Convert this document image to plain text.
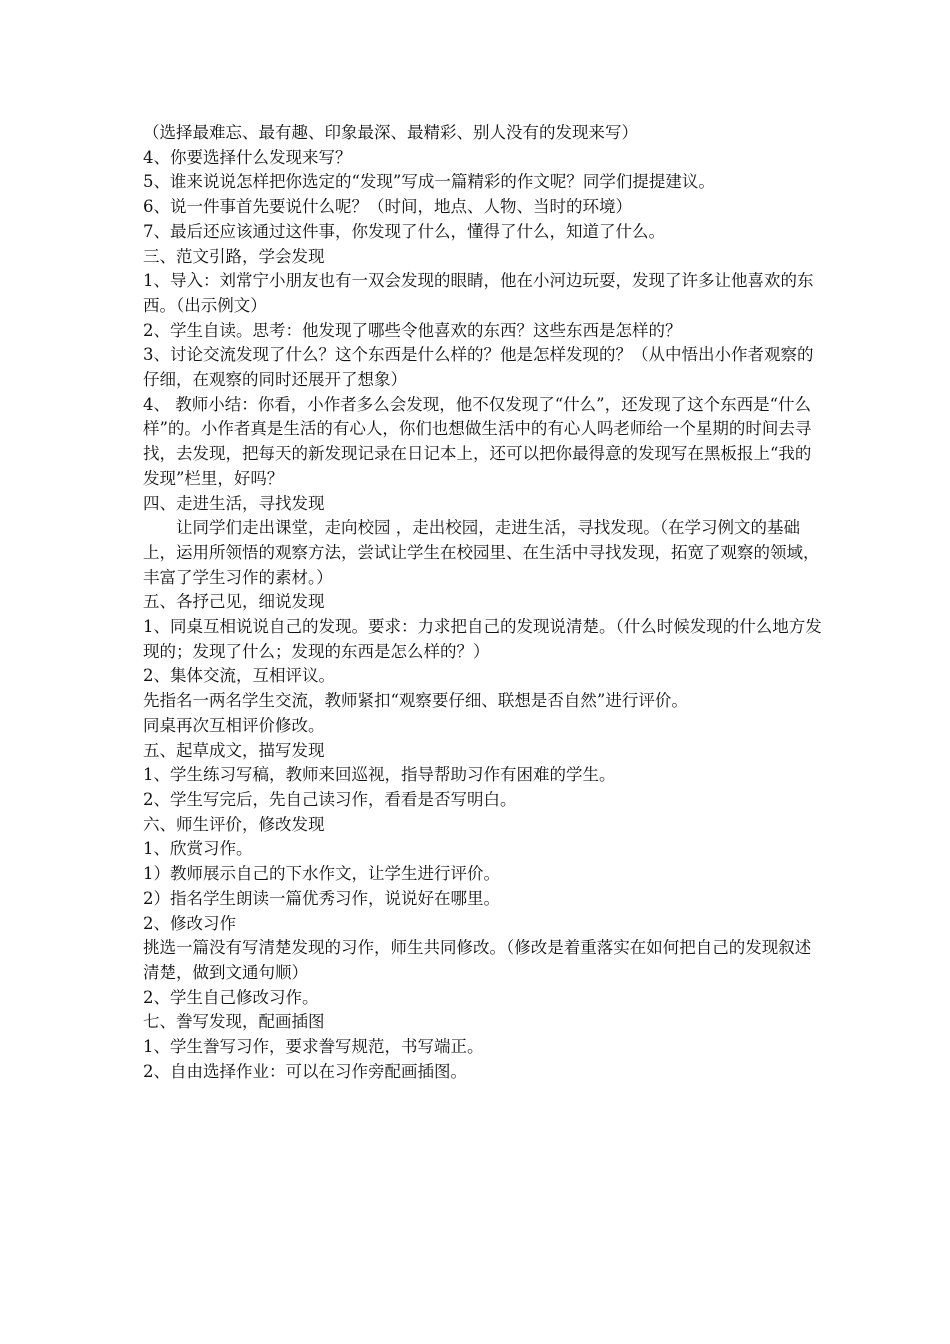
（选择最难忘、最有趣、印象最深、最精彩、别人没有的发现来写）

4、你要选择什么发现来写？

5、谁来说说怎样把你选定的“发现”写成一篇精彩的作文呢？同学们提提建议。

6、说一件事首先要说什么呢？（时间，地点、人物、当时的环境）

7、最后还应该通过这件事，你发现了什么，懂得了什么，知道了什么。

三、范文引路，学会发现

1、导入：刘常宁小朋友也有一双会发现的眼睛，他在小河边玩耍，发现了许多让他喜欢的东西。（出示例文）

2、学生自读。思考：他发现了哪些令他喜欢的东西？这些东西是怎样的？

3、讨论交流发现了什么？这个东西是什么样的？他是怎样发现的？（从中悟出小作者观察的仔细，在观察的同时还展开了想象）

4、 教师小结：你看，小作者多么会发现，他不仅发现了“什么”，还发现了这个东西是“什么样”的。小作者真是生活的有心人，你们也想做生活中的有心人吗老师给一个星期的时间去寻找，去发现，把每天的新发现记录在日记本上，还可以把你最得意的发现写在黑板报上“我的发现”栏里，好吗？

四、走进生活，寻找发现

让同学们走出课堂，走向校园 ，走出校园，走进生活，寻找发现。（在学习例文的基础上，运用所领悟的观察方法，尝试让学生在校园里、在生活中寻找发现，拓宽了观察的领域，丰富了学生习作的素材。）

五、各抒己见，细说发现

1、同桌互相说说自己的发现。要求：力求把自己的发现说清楚。（什么时候发现的什么地方发现的；发现了什么；发现的东西是怎么样的？）

2、集体交流，互相评议。

先指名一两名学生交流，教师紧扣“观察要仔细、联想是否自然”进行评价。

同桌再次互相评价修改。

五、起草成文，描写发现

1、学生练习写稿，教师来回巡视，指导帮助习作有困难的学生。

2、学生写完后，先自己读习作，看看是否写明白。

六、师生评价，修改发现

1、欣赏习作。

1）教师展示自己的下水作文，让学生进行评价。

2）指名学生朗读一篇优秀习作，说说好在哪里。

2、修改习作

挑选一篇没有写清楚发现的习作，师生共同修改。（修改是着重落实在如何把自己的发现叙述清楚，做到文通句顺）

2、学生自己修改习作。

七、誊写发现，配画插图

1、学生誊写习作，要求誊写规范，书写端正。

2、自由选择作业：可以在习作旁配画插图。
